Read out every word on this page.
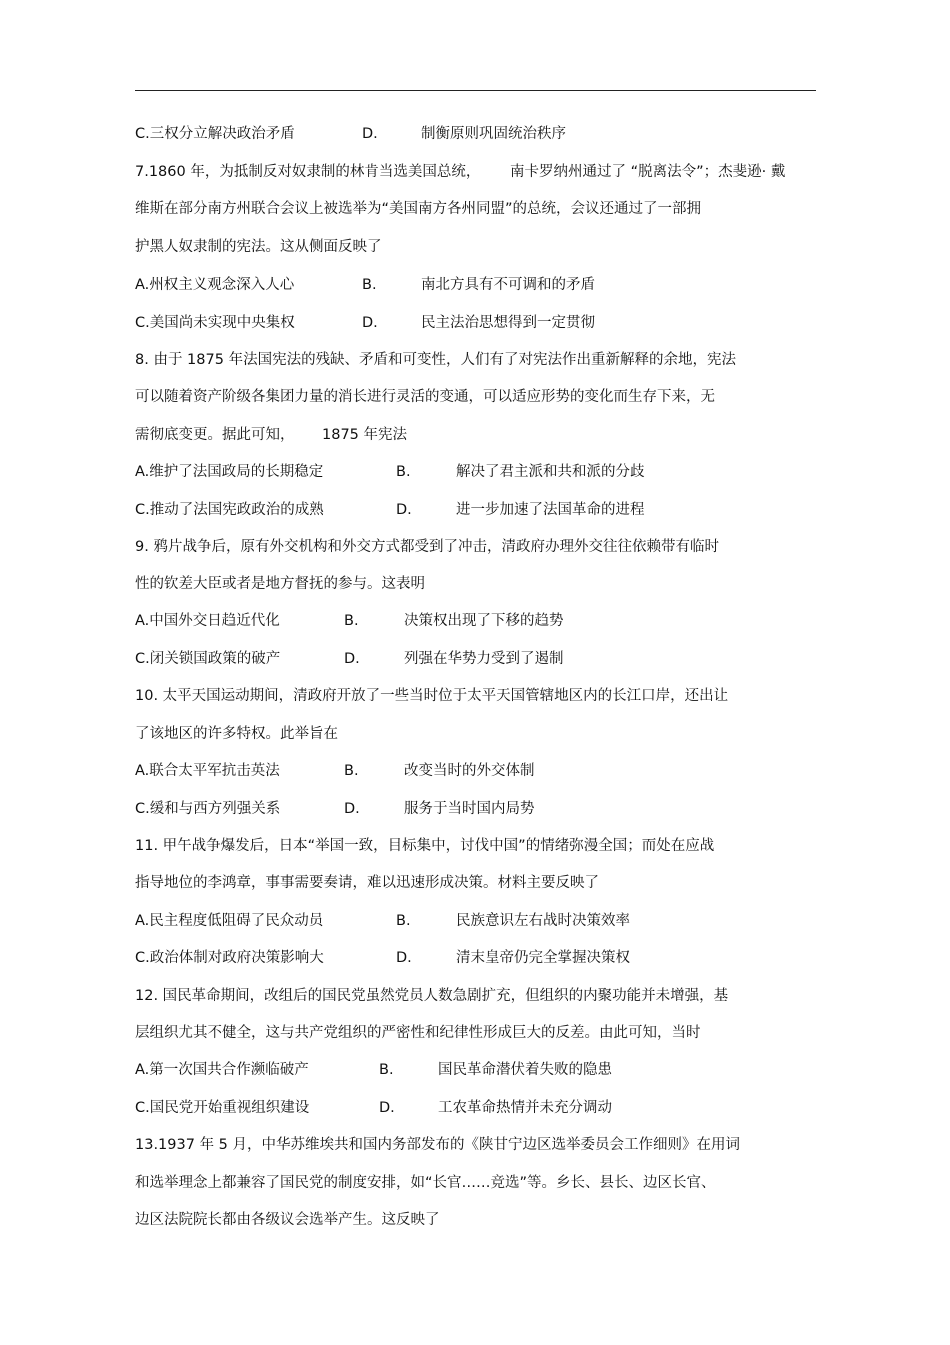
C.三权分立解决政治矛盾	D.	制衡原则巩固统治秩序
7.1860 年，为抵制反对奴隶制的林肯当选美国总统， 南卡罗纳州通过了 “脱离法令”；杰斐逊· 戴
维斯在部分南方州联合会议上被选举为“美国南方各州同盟”的总统，会议还通过了一部拥
护黑人奴隶制的宪法。这从侧面反映了
A.州权主义观念深入人心	B.	南北方具有不可调和的矛盾
C.美国尚未实现中央集权	D.	民主法治思想得到一定贯彻
8. 由于 1875 年法国宪法的残缺、矛盾和可变性，人们有了对宪法作出重新解释的余地，宪法
可以随着资产阶级各集团力量的消长进行灵活的变通，可以适应形势的变化而生存下来，无
需彻底变更。据此可知， 1875 年宪法
A.维护了法国政局的长期稳定	B.	解决了君主派和共和派的分歧
C.推动了法国宪政政治的成熟	D.	进一步加速了法国革命的进程
9. 鸦片战争后，原有外交机构和外交方式都受到了冲击，清政府办理外交往往依赖带有临时
性的钦差大臣或者是地方督抚的参与。这表明
A.中国外交日趋近代化	B.	决策权出现了下移的趋势
C.闭关锁国政策的破产	D.	列强在华势力受到了遏制
10. 太平天国运动期间，清政府开放了一些当时位于太平天国管辖地区内的长江口岸，还出让
了该地区的许多特权。此举旨在
A.联合太平军抗击英法	B.	改变当时的外交体制
C.缓和与西方列强关系	D.	服务于当时国内局势
11. 甲午战争爆发后，日本“举国一致，目标集中，讨伐中国”的情绪弥漫全国；而处在应战
指导地位的李鸿章，事事需要奏请，难以迅速形成决策。材料主要反映了
A.民主程度低阻碍了民众动员	B.	民族意识左右战时决策效率
C.政治体制对政府决策影响大	D.	清末皇帝仍完全掌握决策权
12. 国民革命期间，改组后的国民党虽然党员人数急剧扩充，但组织的内聚功能并未增强，基
层组织尤其不健全，这与共产党组织的严密性和纪律性形成巨大的反差。由此可知，当时
A.第一次国共合作濒临破产	B.	国民革命潜伏着失败的隐患
C.国民党开始重视组织建设	D.	工农革命热情并未充分调动
13.1937 年 5 月，中华苏维埃共和国内务部发布的《陕甘宁边区选举委员会工作细则》在用词
和选举理念上都兼容了国民党的制度安排，如“长官……竞选”等。乡长、县长、边区长官、
边区法院院长都由各级议会选举产生。这反映了
